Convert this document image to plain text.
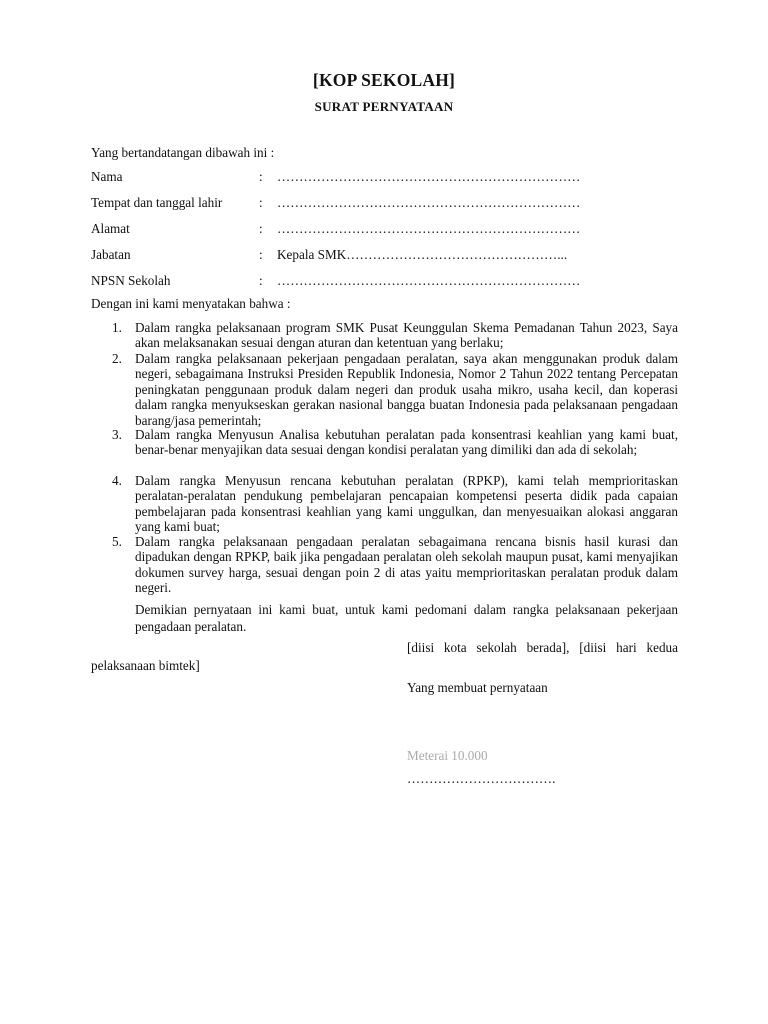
[KOP SEKOLAH]
SURAT PERNYATAAN
Yang bertandatangan dibawah ini :
Nama	: ……………………………………………………………
Tempat dan tanggal lahir	: ……………………………………………………………
Alamat	: ……………………………………………………………
Jabatan	: Kepala SMK…………………………………………...
NPSN Sekolah	: ……………………………………………………………
Dengan ini kami menyatakan bahwa :
1. Dalam rangka pelaksanaan program SMK Pusat Keunggulan Skema Pemadanan Tahun 2023, Saya akan melaksanakan sesuai dengan aturan dan ketentuan yang berlaku;
2. Dalam rangka pelaksanaan pekerjaan pengadaan peralatan, saya akan menggunakan produk dalam negeri, sebagaimana Instruksi Presiden Republik Indonesia, Nomor 2 Tahun 2022 tentang Percepatan peningkatan penggunaan produk dalam negeri dan produk usaha mikro, usaha kecil, dan koperasi dalam rangka menyukseskan gerakan nasional bangga buatan Indonesia pada pelaksanaan pengadaan barang/jasa pemerintah;
3. Dalam rangka Menyusun Analisa kebutuhan peralatan pada konsentrasi keahlian yang kami buat, benar-benar menyajikan data sesuai dengan kondisi peralatan yang dimiliki dan ada di sekolah;
4. Dalam rangka Menyusun rencana kebutuhan peralatan (RPKP), kami telah memprioritaskan peralatan-peralatan pendukung pembelajaran pencapaian kompetensi peserta didik pada capaian pembelajaran pada konsentrasi keahlian yang kami unggulkan, dan menyesuaikan alokasi anggaran yang kami buat;
5. Dalam rangka pelaksanaan pengadaan peralatan sebagaimana rencana bisnis hasil kurasi dan dipadukan dengan RPKP, baik jika pengadaan peralatan oleh sekolah maupun pusat, kami menyajikan dokumen survey harga, sesuai dengan poin 2 di atas yaitu memprioritaskan peralatan produk dalam negeri.
Demikian pernyataan ini kami buat, untuk kami pedomani dalam rangka pelaksanaan pekerjaan pengadaan peralatan.
[diisi kota sekolah berada], [diisi hari kedua pelaksanaan bimtek]
Yang membuat pernyataan
Meterai 10.000
…………………………….
